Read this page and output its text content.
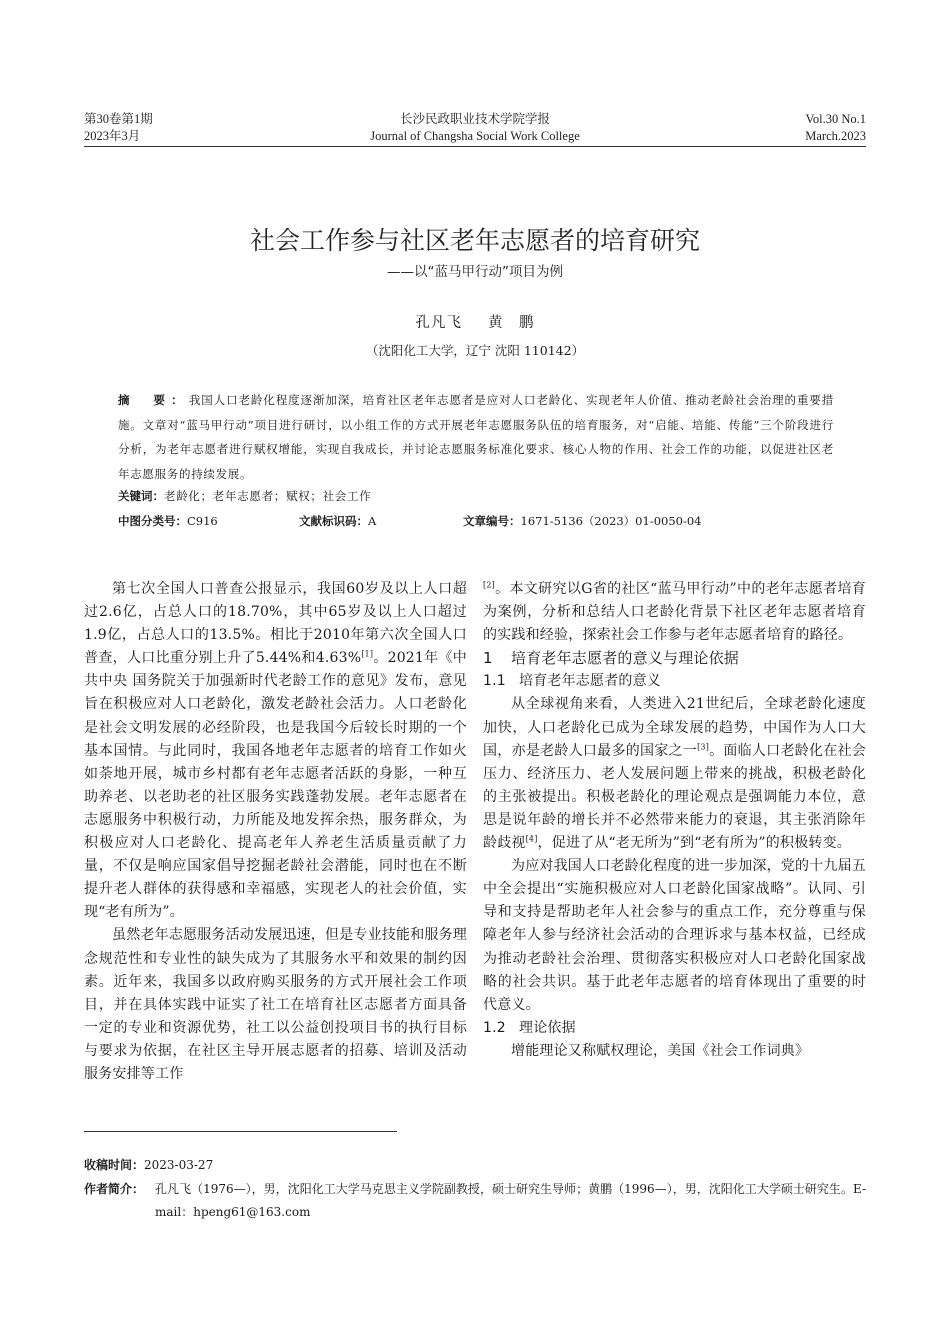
第30卷第1期
2023年3月
长沙民政职业技术学院学报
Journal of Changsha Social Work College
Vol.30 No.1
March.2023
社会工作参与社区老年志愿者的培育研究
——以“蓝马甲行动”项目为例
孔凡飞 黄　鹏
（沈阳化工大学，辽宁 沈阳 110142）
摘　要：我国人口老龄化程度逐渐加深，培育社区老年志愿者是应对人口老龄化、实现老年人价值、推动老龄社会治理的重要措施。文章对“蓝马甲行动”项目进行研讨，以小组工作的方式开展老年志愿服务队伍的培育服务，对“启能、培能、传能”三个阶段进行分析，为老年志愿者进行赋权增能，实现自我成长，并讨论志愿服务标准化要求、核心人物的作用、社会工作的功能，以促进社区老年志愿服务的持续发展。
关键词：老龄化；老年志愿者；赋权；社会工作
中图分类号：C916	文献标识码：A	文章编号：1671-5136（2023）01-0050-04

第七次全国人口普查公报显示，我国60岁及以上人口超过2.6亿，占总人口的18.70%，其中65岁及以上人口超过1.9亿，占总人口的13.5%。相比于2010年第六次全国人口普查，人口比重分别上升了5.44%和4.63%[1]。2021年《中共中央 国务院关于加强新时代老龄工作的意见》发布，意见旨在积极应对人口老龄化，激发老龄社会活力。人口老龄化是社会文明发展的必经阶段，也是我国今后较长时期的一个基本国情。与此同时，我国各地老年志愿者的培育工作如火如荼地开展，城市乡村都有老年志愿者活跃的身影，一种互助养老、以老助老的社区服务实践蓬勃发展。老年志愿者在志愿服务中积极行动，力所能及地发挥余热，服务群众，为积极应对人口老龄化、提高老年人养老生活质量贡献了力量，不仅是响应国家倡导挖掘老龄社会潜能，同时也在不断提升老人群体的获得感和幸福感，实现老人的社会价值，实现“老有所为”。

虽然老年志愿服务活动发展迅速，但是专业技能和服务理念规范性和专业性的缺失成为了其服务水平和效果的制约因素。近年来，我国多以政府购买服务的方式开展社会工作项目，并在具体实践中证实了社工在培育社区志愿者方面具备一定的专业和资源优势，社工以公益创投项目书的执行目标与要求为依据，在社区主导开展志愿者的招募、培训及活动服务安排等工作

[2]。本文研究以G省的社区“蓝马甲行动”中的老年志愿者培育为案例，分析和总结人口老龄化背景下社区老年志愿者培育的实践和经验，探索社会工作参与老年志愿者培育的路径。

1 培育老年志愿者的意义与理论依据
1.1 培育老年志愿者的意义

从全球视角来看，人类进入21世纪后，全球老龄化速度加快，人口老龄化已成为全球发展的趋势，中国作为人口大国，亦是老龄人口最多的国家之一[3]。面临人口老龄化在社会压力、经济压力、老人发展问题上带来的挑战，积极老龄化的主张被提出。积极老龄化的理论观点是强调能力本位，意思是说年龄的增长并不必然带来能力的衰退，其主张消除年龄歧视[4]，促进了从“老无所为”到“老有所为”的积极转变。

为应对我国人口老龄化程度的进一步加深，党的十九届五中全会提出“实施积极应对人口老龄化国家战略”。认同、引导和支持是帮助老年人社会参与的重点工作，充分尊重与保障老年人参与经济社会活动的合理诉求与基本权益，已经成为推动老龄社会治理、贯彻落实积极应对人口老龄化国家战略的社会共识。基于此老年志愿者的培育体现出了重要的时代意义。

1.2 理论依据

增能理论又称赋权理论，美国《社会工作词典》

收稿时间：2023-03-27
作者简介： 孔凡飞（1976—），男，沈阳化工大学马克思主义学院副教授，硕士研究生导师；黄鹏（1996—），男，沈阳化工大学硕士研究生。E-mail：hpeng61@163.com
